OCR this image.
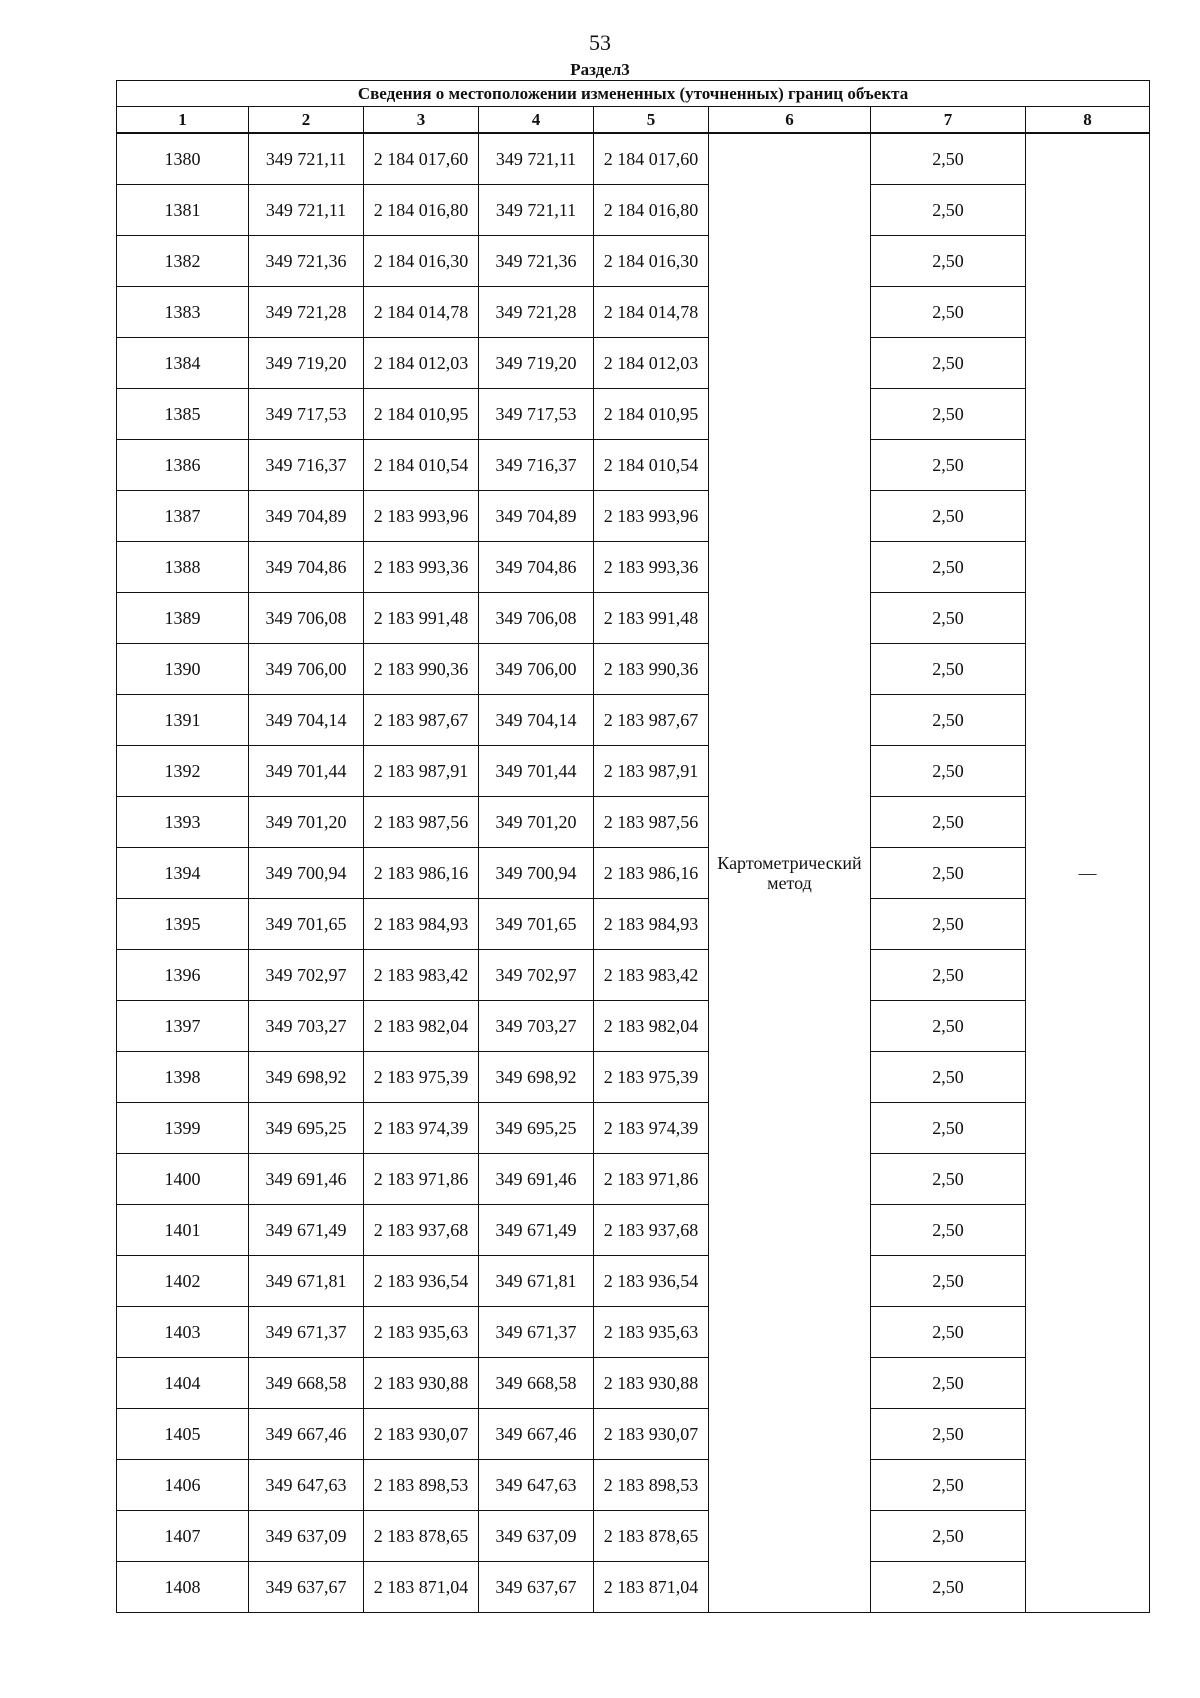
53
Раздел3
Сведения о местоположении измененных (уточненных) границ объекта							
1	2	3	4	5	6	7	8
1380	349 721,11	2 184 017,60	349 721,11	2 184 017,60	Картометрический метод	2,50	—
1381	349 721,11	2 184 016,80	349 721,11	2 184 016,80		2,50	
1382	349 721,36	2 184 016,30	349 721,36	2 184 016,30		2,50	
1383	349 721,28	2 184 014,78	349 721,28	2 184 014,78		2,50	
1384	349 719,20	2 184 012,03	349 719,20	2 184 012,03		2,50	
1385	349 717,53	2 184 010,95	349 717,53	2 184 010,95		2,50	
1386	349 716,37	2 184 010,54	349 716,37	2 184 010,54		2,50	
1387	349 704,89	2 183 993,96	349 704,89	2 183 993,96		2,50	
1388	349 704,86	2 183 993,36	349 704,86	2 183 993,36		2,50	
1389	349 706,08	2 183 991,48	349 706,08	2 183 991,48		2,50	
1390	349 706,00	2 183 990,36	349 706,00	2 183 990,36		2,50	
1391	349 704,14	2 183 987,67	349 704,14	2 183 987,67		2,50	
1392	349 701,44	2 183 987,91	349 701,44	2 183 987,91		2,50	
1393	349 701,20	2 183 987,56	349 701,20	2 183 987,56		2,50	
1394	349 700,94	2 183 986,16	349 700,94	2 183 986,16		2,50	
1395	349 701,65	2 183 984,93	349 701,65	2 183 984,93		2,50	
1396	349 702,97	2 183 983,42	349 702,97	2 183 983,42		2,50	
1397	349 703,27	2 183 982,04	349 703,27	2 183 982,04		2,50	
1398	349 698,92	2 183 975,39	349 698,92	2 183 975,39		2,50	
1399	349 695,25	2 183 974,39	349 695,25	2 183 974,39		2,50	
1400	349 691,46	2 183 971,86	349 691,46	2 183 971,86		2,50	
1401	349 671,49	2 183 937,68	349 671,49	2 183 937,68		2,50	
1402	349 671,81	2 183 936,54	349 671,81	2 183 936,54		2,50	
1403	349 671,37	2 183 935,63	349 671,37	2 183 935,63		2,50	
1404	349 668,58	2 183 930,88	349 668,58	2 183 930,88		2,50	
1405	349 667,46	2 183 930,07	349 667,46	2 183 930,07		2,50	
1406	349 647,63	2 183 898,53	349 647,63	2 183 898,53		2,50	
1407	349 637,09	2 183 878,65	349 637,09	2 183 878,65		2,50	
1408	349 637,67	2 183 871,04	349 637,67	2 183 871,04		2,50	
